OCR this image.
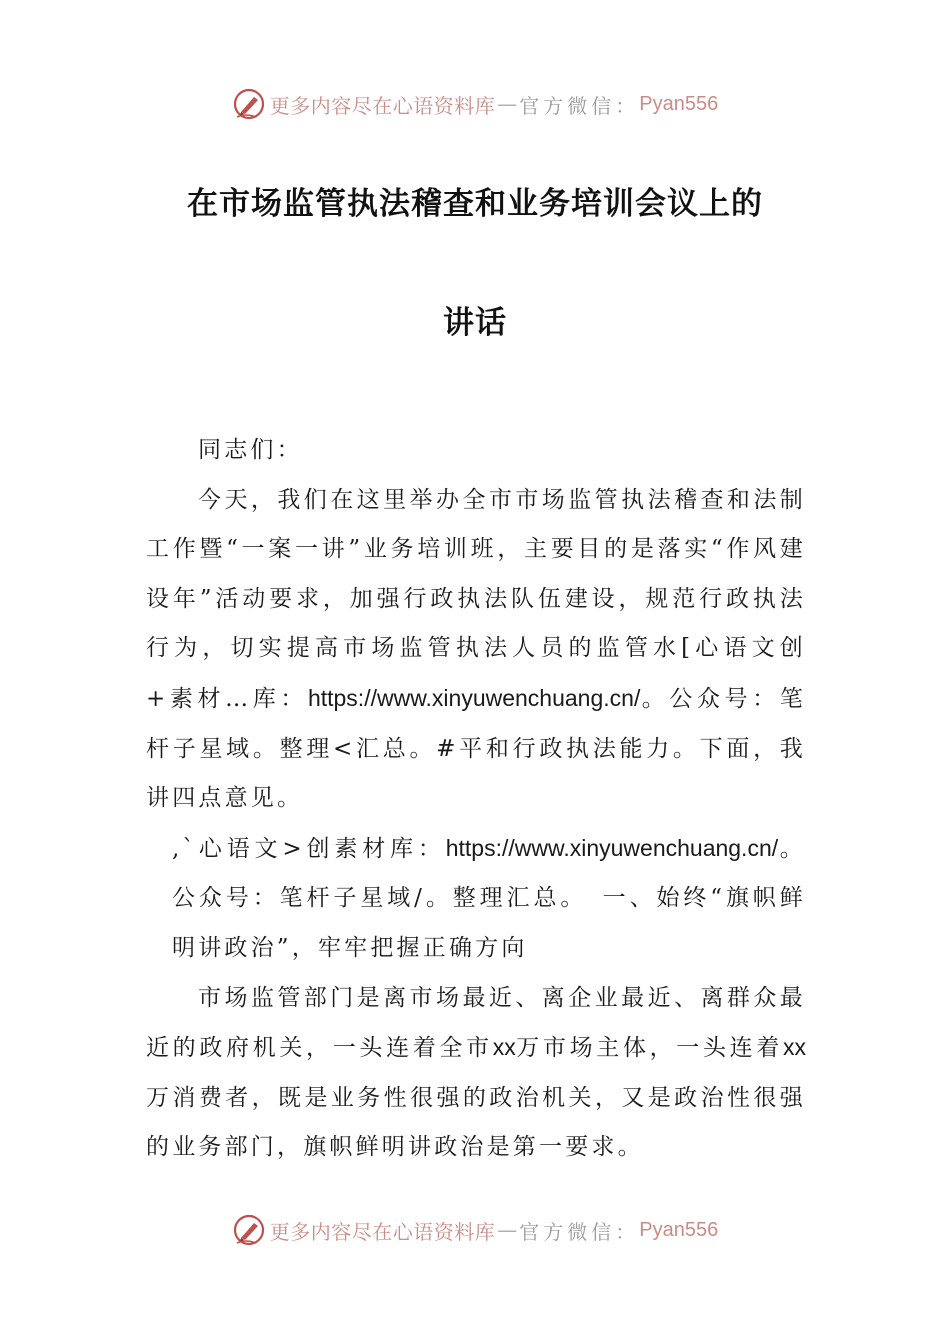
更多内容尽在心语资料库 — 官方微信： Pyan556
在市场监管执法稽查和业务培训会议上的
讲话

同志们：

今天，我们在这里举办全市市场监管执法稽查和法制工作暨“一案一讲”业务培训班，主要目的是落实“作风建设年”活动要求，加强行政执法队伍建设，规范行政执法行为，切实提高市场监管执法人员的监管水[心语文创+素材…库：https://www.xinyuwenchuang.cn/。公众号：笔杆子星域。整理<汇总。#平和行政执法能力。下面，我讲四点意见。

,`心语文>创素材库：https://www.xinyuwenchuang.cn/。公众号：笔杆子星域/。整理汇总。　一、始终“旗帜鲜明讲政治”，牢牢把握正确方向

市场监管部门是离市场最近、离企业最近、离群众最近的政府机关，一头连着全市xx万市场主体，一头连着xx万消费者，既是业务性很强的政治机关，又是政治性很强的业务部门，旗帜鲜明讲政治是第一要求。

更多内容尽在心语资料库 — 官方微信： Pyan556
